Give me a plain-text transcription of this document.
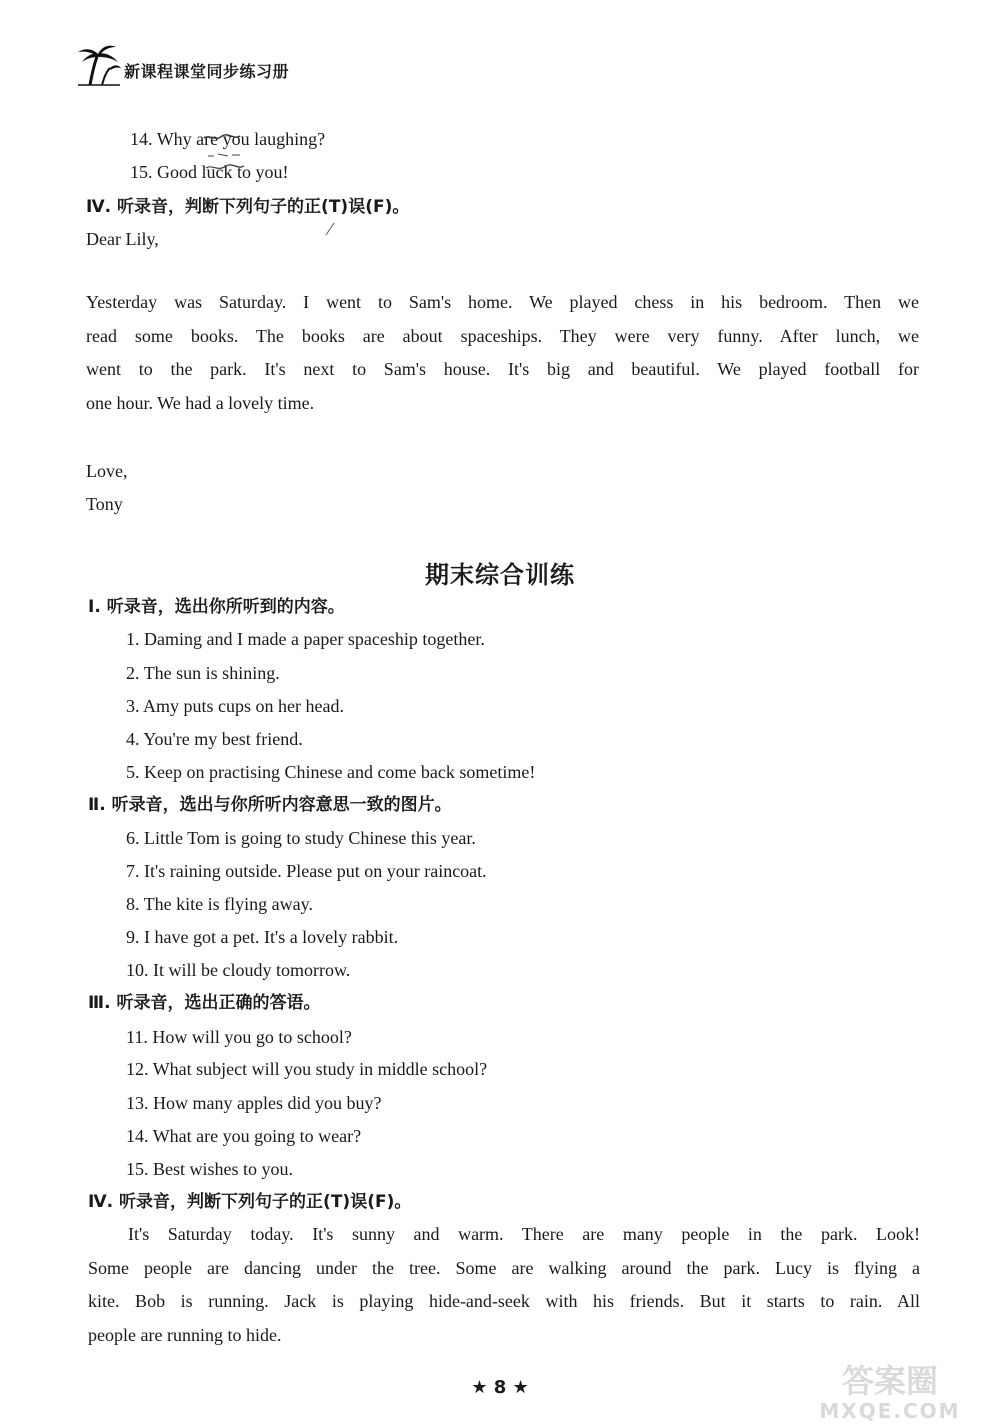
新课程课堂同步练习册
14. Why are you laughing?
15. Good luck to you!
Ⅳ. 听录音，判断下列句子的正(T)误(F)。
Dear Lily,
Yesterday was Saturday. I went to Sam's home. We played chess in his bedroom. Then we
read some books. The books are about spaceships. They were very funny. After lunch, we
went to the park. It's next to Sam's house. It's big and beautiful. We played football for
one hour. We had a lovely time.
Love,
Tony
期末综合训练
Ⅰ. 听录音，选出你所听到的内容。
1. Daming and I made a paper spaceship together.
2. The sun is shining.
3. Amy puts cups on her head.
4. You're my best friend.
5. Keep on practising Chinese and come back sometime!
Ⅱ. 听录音，选出与你所听内容意思一致的图片。
6. Little Tom is going to study Chinese this year.
7. It's raining outside. Please put on your raincoat.
8. The kite is flying away.
9. I have got a pet. It's a lovely rabbit.
10. It will be cloudy tomorrow.
Ⅲ. 听录音，选出正确的答语。
11. How will you go to school?
12. What subject will you study in middle school?
13. How many apples did you buy?
14. What are you going to wear?
15. Best wishes to you.
Ⅳ. 听录音，判断下列句子的正(T)误(F)。
It's Saturday today. It's sunny and warm. There are many people in the park. Look!
Some people are dancing under the tree. Some are walking around the park. Lucy is flying a
kite. Bob is running. Jack is playing hide-and-seek with his friends. But it starts to rain. All
people are running to hide.
★ 8 ★	答案圈
MXQE.COM
